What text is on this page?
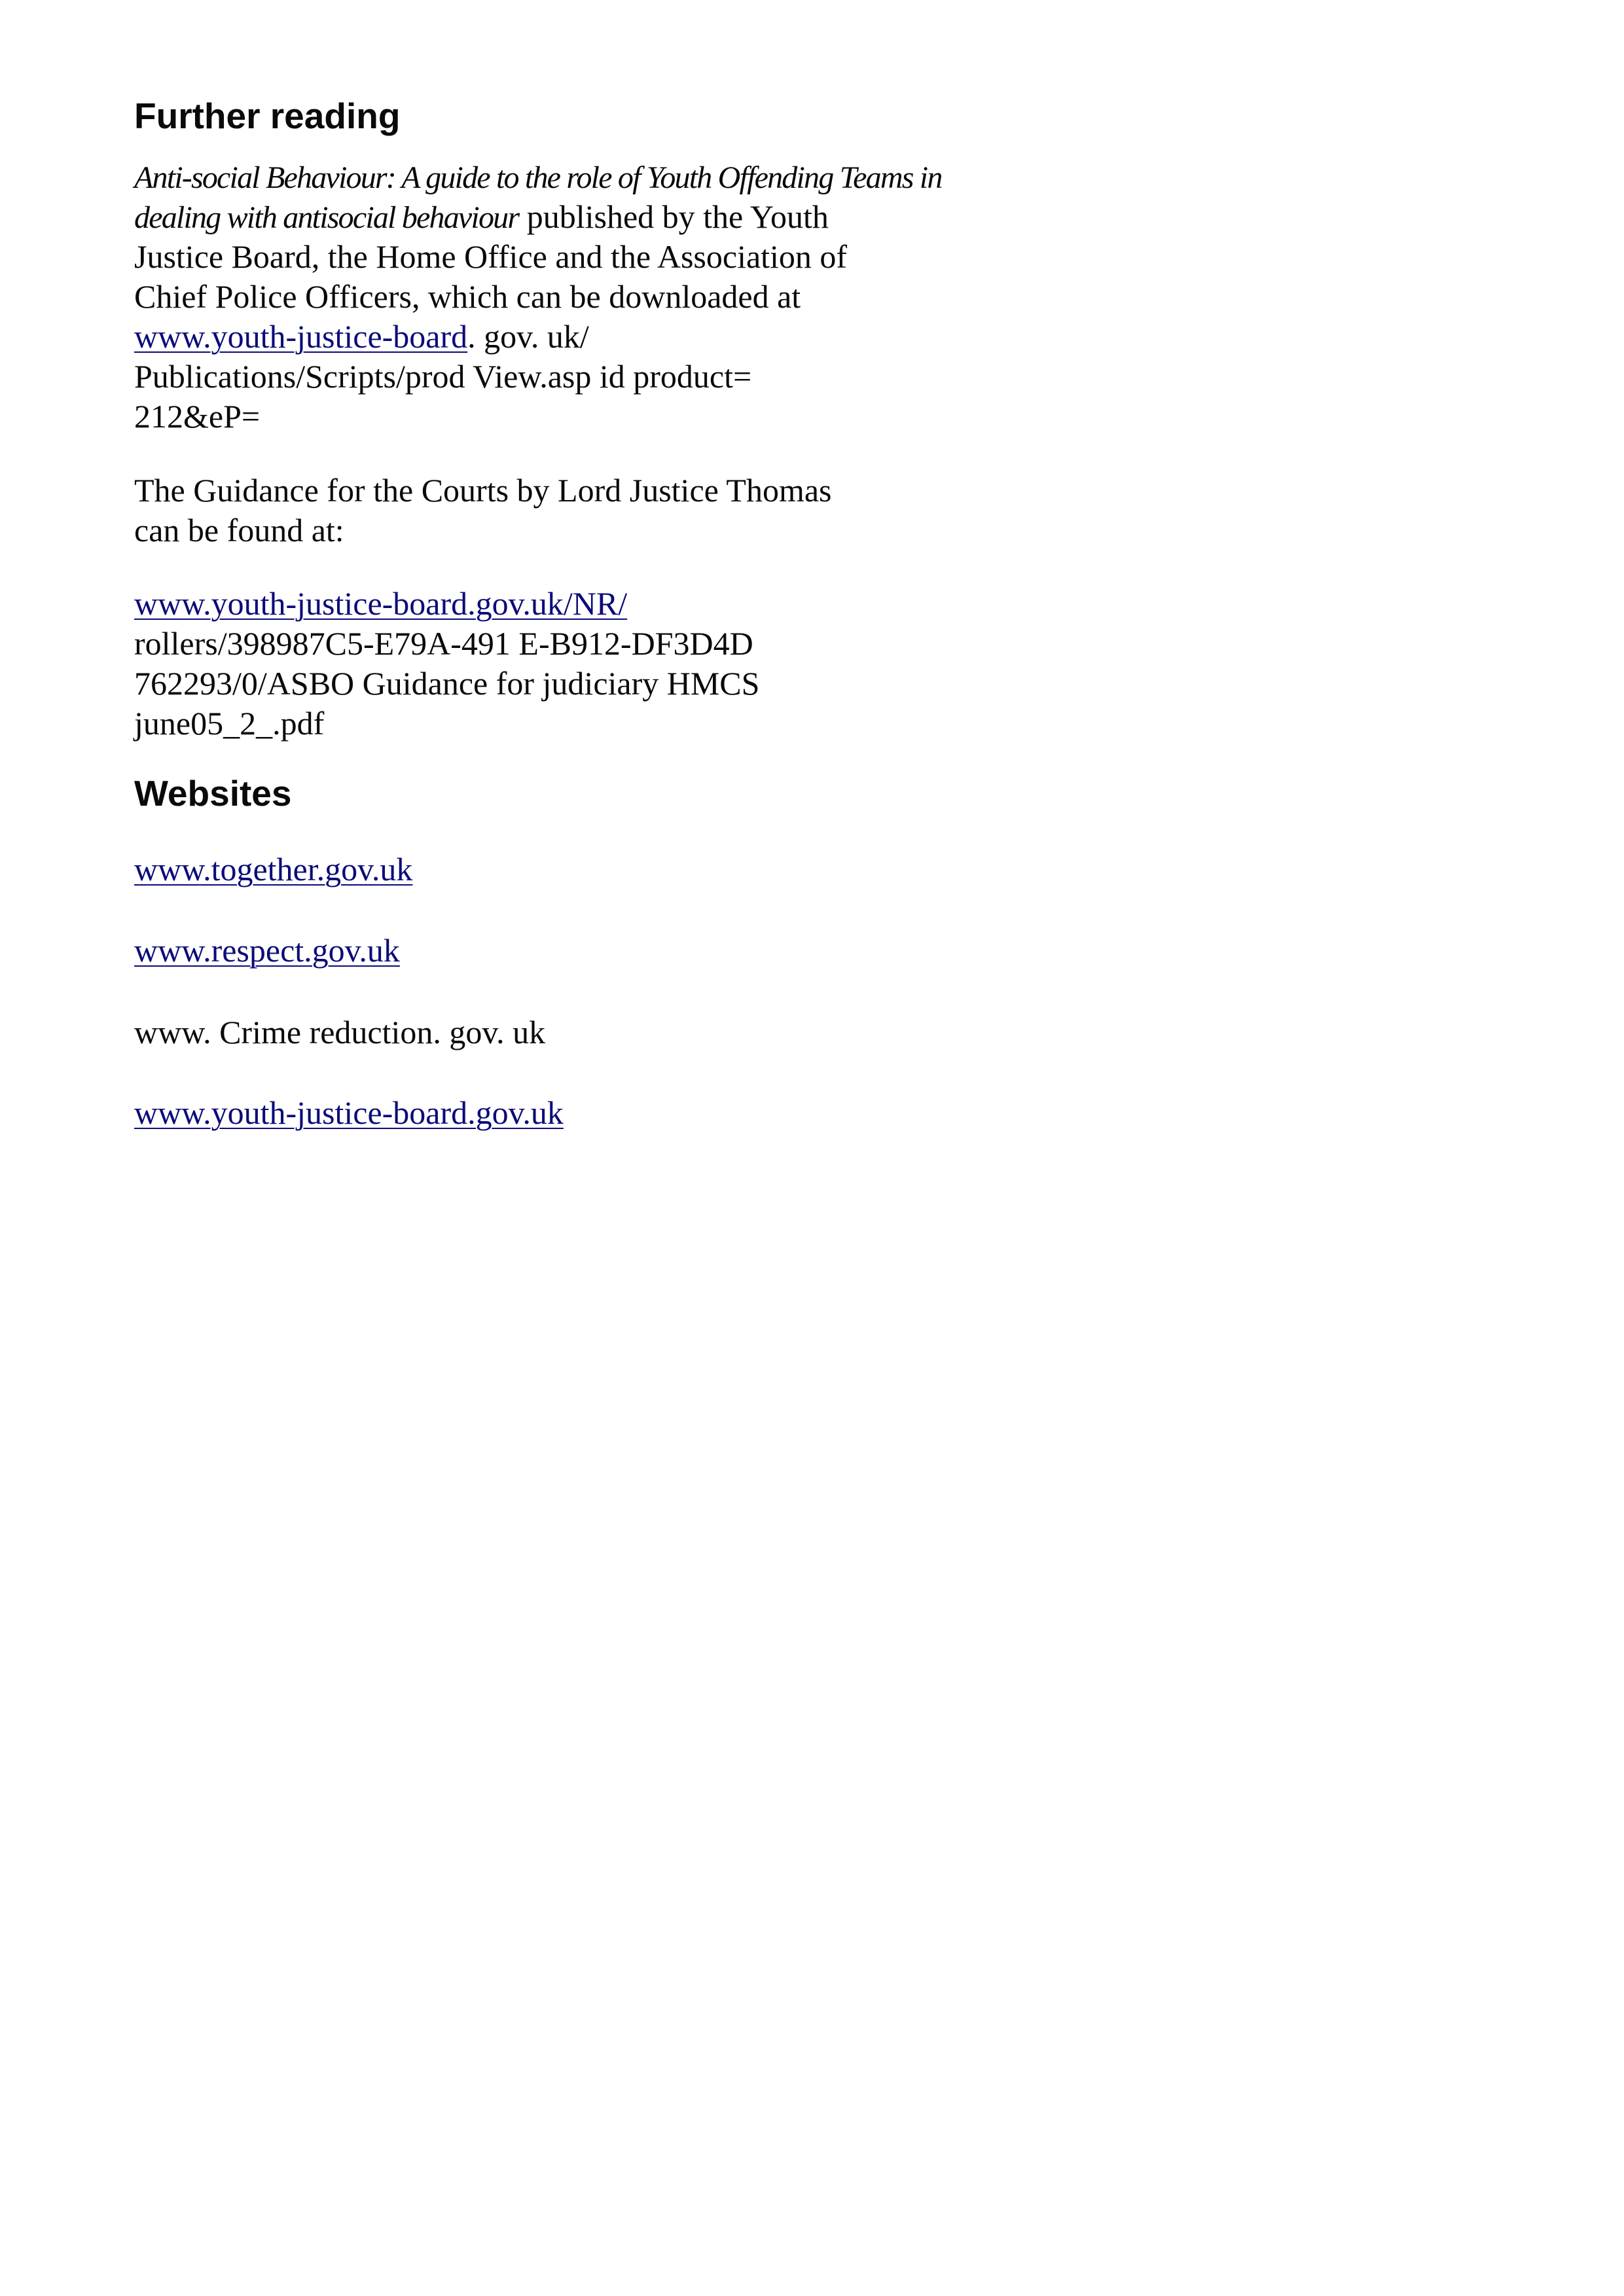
Further reading

Anti-social Behaviour: A guide to the role of Youth Offending Teams in

dealing with antisocial behaviour published by the Youth

Justice Board, the Home Office and the Association of

Chief Police Officers, which can be downloaded at

www.youth-justice-board. gov. uk/

Publications/Scripts/prod View.asp id product=

212&eP=

The Guidance for the Courts by Lord Justice Thomas

can be found at:

www.youth-justice-board.gov.uk/NR/

rollers/398987C5-E79A-491 E-B912-DF3D4D

762293/0/ASBO Guidance for judiciary HMCS

june05_2_.pdf

Websites

www.together.gov.uk

www.respect.gov.uk

www. Crime reduction. gov. uk

www.youth-justice-board.gov.uk
